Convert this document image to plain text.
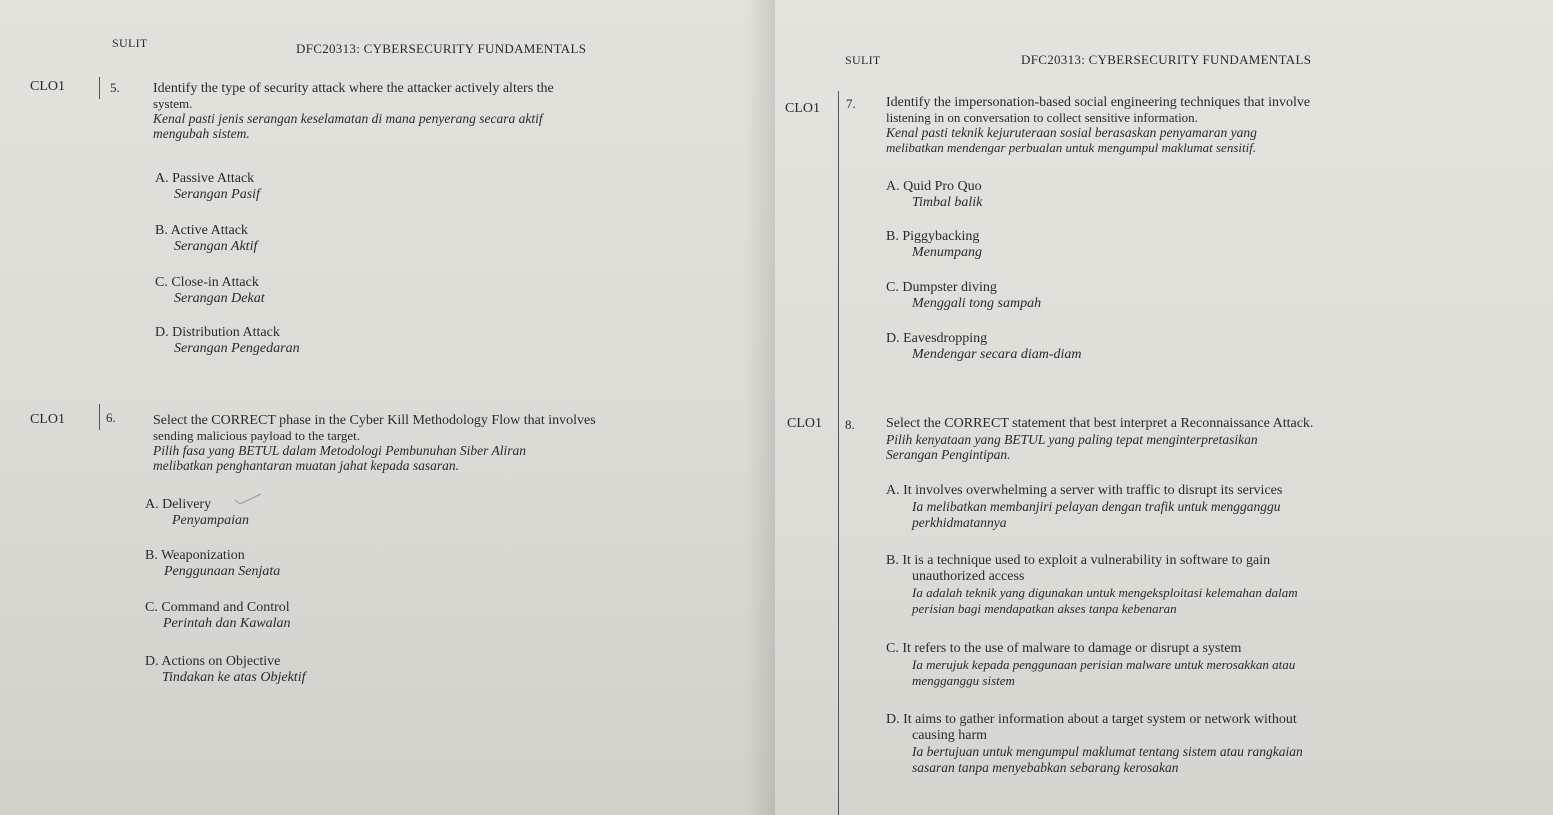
SULIT	DFC20313: CYBERSECURITY FUNDAMENTALS
CLO1	5. Identify the type of security attack where the attacker actively alters the
system.
Kenal pasti jenis serangan keselamatan di mana penyerang secara aktif
mengubah sistem.
A. Passive Attack
Serangan Pasif
B. Active Attack
Serangan Aktif
C. Close-in Attack
Serangan Dekat
D. Distribution Attack
Serangan Pengedaran
CLO1	6.	Select the CORRECT phase in the Cyber Kill Methodology Flow that involves
sending malicious payload to the target.
Pilih fasa yang BETUL dalam Metodologi Pembunuhan Siber Aliran
melibatkan penghantaran muatan jahat kepada sasaran.
A. Delivery
Penyampaian
B. Weaponization
Penggunaan Senjata
C. Command and Control
Perintah dan Kawalan
D. Actions on Objective
Tindakan ke atas Objektif
SULIT	DFC20313: CYBERSECURITY FUNDAMENTALS
CLO1 7. Identify the impersonation-based social engineering techniques that involve
listening in on conversation to collect sensitive information.
Kenal pasti teknik kejuruteraan sosial berasaskan penyamaran yang
melibatkan mendengar perbualan untuk mengumpul maklumat sensitif.
A. Quid Pro Quo
Timbal balik
B. Piggybacking
Menumpang
C. Dumpster diving
Menggali tong sampah
D. Eavesdropping
Mendengar secara diam-diam
CLO1 8. Select the CORRECT statement that best interpret a Reconnaissance Attack.
Pilih kenyataan yang BETUL yang paling tepat menginterpretasikan
Serangan Pengintipan.
A. It involves overwhelming a server with traffic to disrupt its services
Ia melibatkan membanjiri pelayan dengan trafik untuk mengganggu
perkhidmatannya
B. It is a technique used to exploit a vulnerability in software to gain
unauthorized access
Ia adalah teknik yang digunakan untuk mengeksploitasi kelemahan dalam
perisian bagi mendapatkan akses tanpa kebenaran
C. It refers to the use of malware to damage or disrupt a system
Ia merujuk kepada penggunaan perisian malware untuk merosakkan atau
mengganggu sistem
D. It aims to gather information about a target system or network without
causing harm
Ia bertujuan untuk mengumpul maklumat tentang sistem atau rangkaian
sasaran tanpa menyebabkan sebarang kerosakan
